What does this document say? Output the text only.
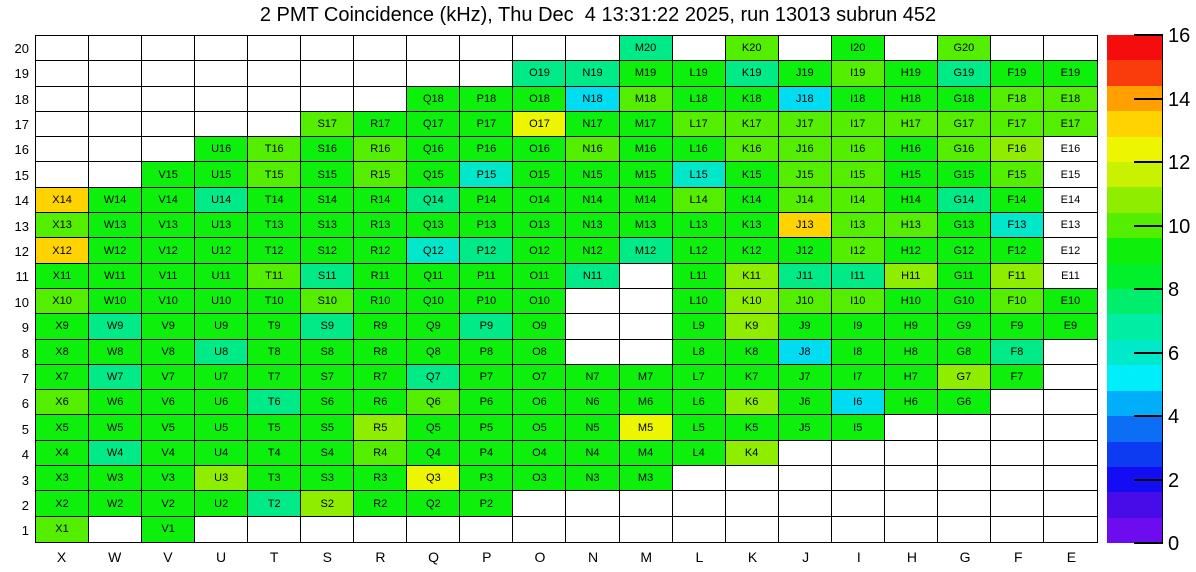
2 PMT Coincidence (kHz), Thu Dec  4 13:31:22 2025, run 13013 subrun 452
M20	K20	I20	G20
O19	N19	M19	L19	K19	J19	I19	H19	G19	F19	E19
Q18	P18	O18	N18	M18	L18	K18	J18	I18	H18	G18	F18	E18
S17	R17	Q17	P17	O17	N17	M17	L17	K17	J17	I17	H17	G17	F17	E17
U16	T16	S16	R16	Q16	P16	O16	N16	M16	L16	K16	J16	I16	H16	G16	F16	E16
V15	U15	T15	S15	R15	Q15	P15	O15	N15	M15	L15	K15	J15	I15	H15	G15	F15	E15
X14	W14	V14	U14	T14	S14	R14	Q14	P14	O14	N14	M14	L14	K14	J14	I14	H14	G14	F14	E14
X13	W13	V13	U13	T13	S13	R13	Q13	P13	O13	N13	M13	L13	K13	J13	I13	H13	G13	F13	E13
X12	W12	V12	U12	T12	S12	R12	Q12	P12	O12	N12	M12	L12	K12	J12	I12	H12	G12	F12	E12
X11	W11	V11	U11	T11	S11	R11	Q11	P11	O11	N11	L11	K11	J11	I11	H11	G11	F11	E11
X10	W10	V10	U10	T10	S10	R10	Q10	P10	O10	L10	K10	J10	I10	H10	G10	F10	E10
X9	W9	V9	U9	T9	S9	R9	Q9	P9	O9	L9	K9	J9	I9	H9	G9	F9	E9
X8	W8	V8	U8	T8	S8	R8	Q8	P8	O8	L8	K8	J8	I8	H8	G8	F8
X7	W7	V7	U7	T7	S7	R7	Q7	P7	O7	N7	M7	L7	K7	J7	I7	H7	G7	F7
X6	W6	V6	U6	T6	S6	R6	Q6	P6	O6	N6	M6	L6	K6	J6	I6	H6	G6
X5	W5	V5	U5	T5	S5	R5	Q5	P5	O5	N5	M5	L5	K5	J5	I5
X4	W4	V4	U4	T4	S4	R4	Q4	P4	O4	N4	M4	L4	K4
X3	W3	V3	U3	T3	S3	R3	Q3	P3	O3	N3	M3
X2	W2	V2	U2	T2	S2	R2	Q2	P2
X1	V1
20
19
18
17
16
15
14
13
12
11
10
9
8
7
6
5
4
3
2
1
X	W	V	U	T	S	R	Q	P	O	N	M	L	K	J	I	H	G	F	E
0
2
4
6
8
10
12
14
16
